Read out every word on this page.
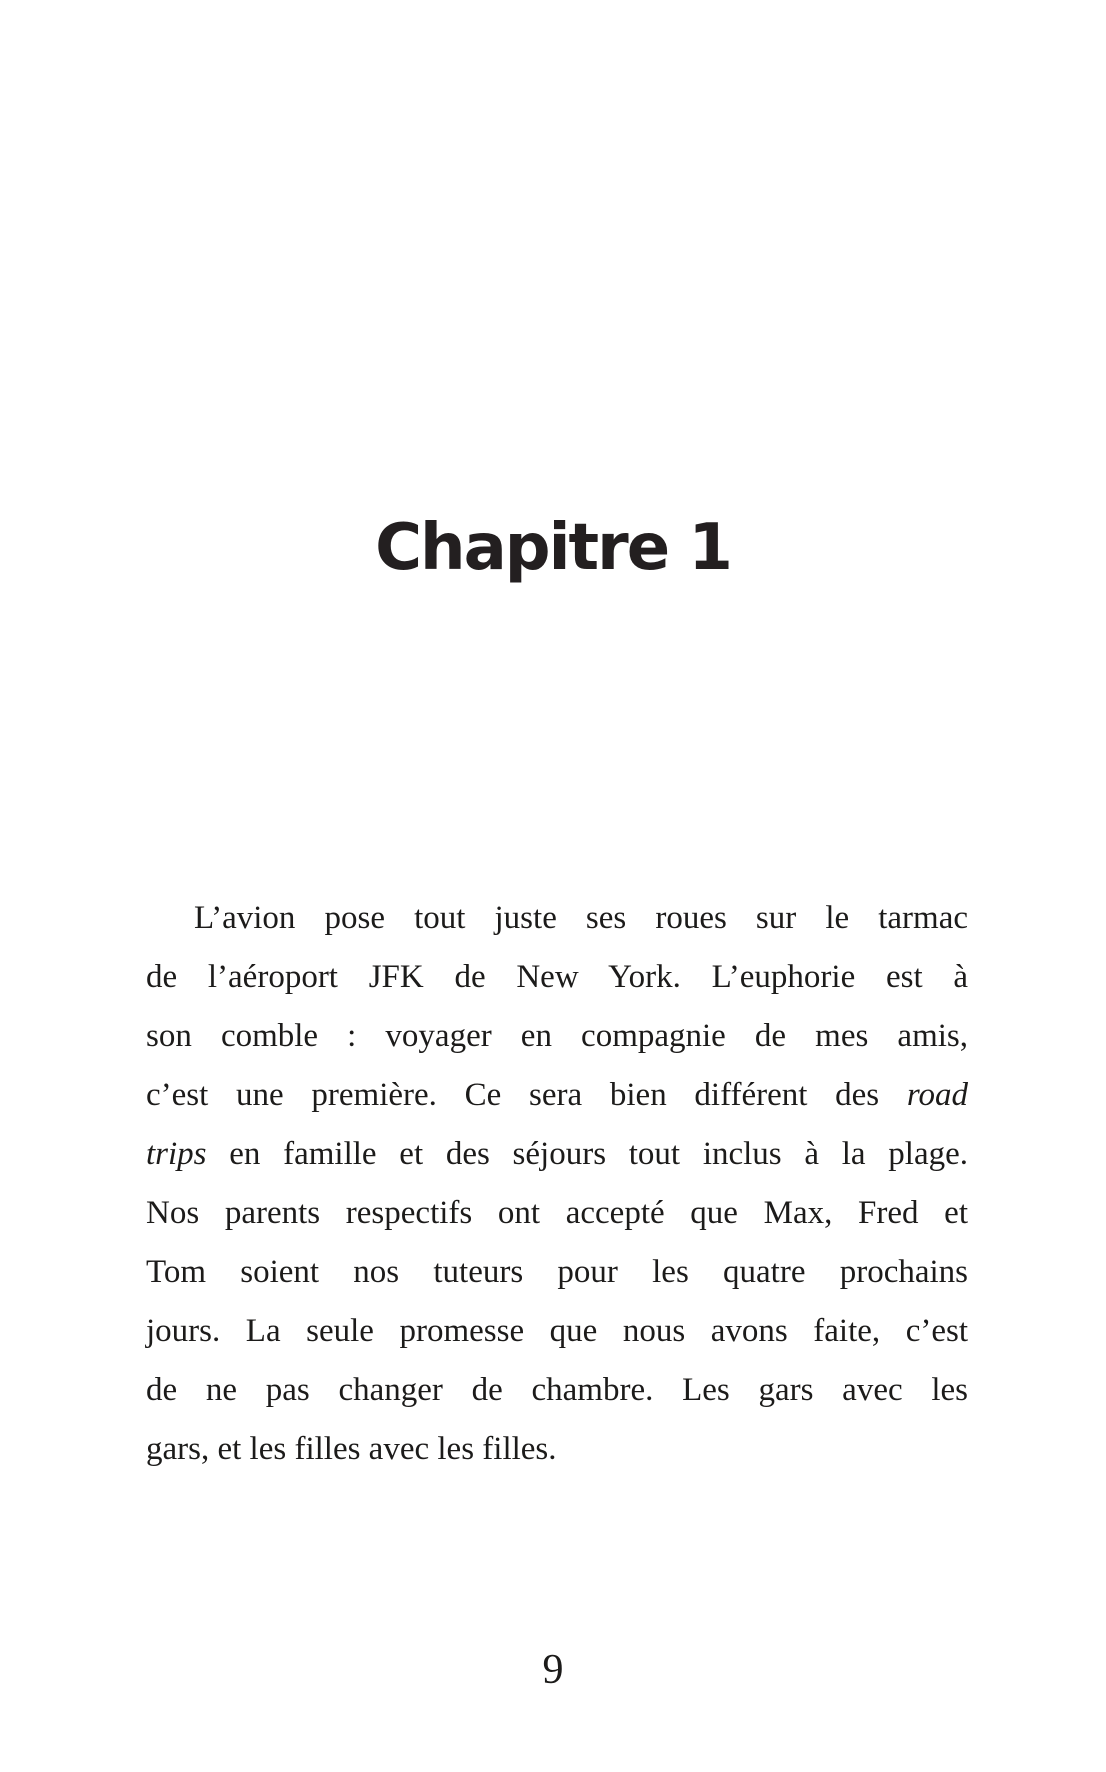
Chapitre 1
L’avion pose tout juste ses roues sur le tarmac
de l’aéroport JFK de New York. L’euphorie est à
son comble : voyager en compagnie de mes amis,
c’est une première. Ce sera bien différent des road
trips en famille et des séjours tout inclus à la plage.
Nos parents respectifs ont accepté que Max, Fred et
Tom soient nos tuteurs pour les quatre prochains
jours. La seule promesse que nous avons faite, c’est
de ne pas changer de chambre. Les gars avec les
gars, et les filles avec les filles.
9
